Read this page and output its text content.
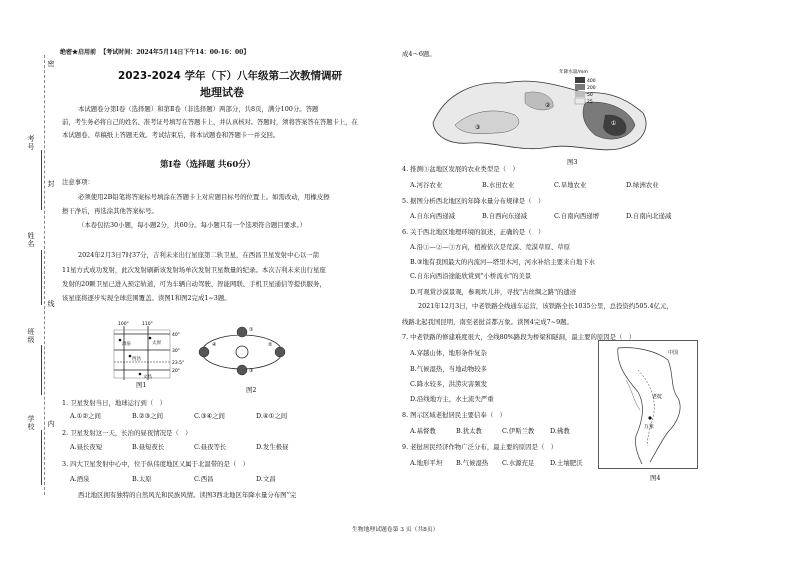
考号
姓名
班级
学校
密
封
线
内
绝密★启用前 【考试时间：2024年5月14日下午14：00-16：00】
2023-2024 学年（下）八年级第二次教情调研
地理试卷
本试题卷分第Ⅰ卷（选择题）和第Ⅱ卷（非选择题）两部分，共8页，满分100分。答题
前，考生务必将自己的姓名、准考证号填写在答题卡上，并认真核对。答题时，须将答案答在答题卡上，在
本试题卷、草稿纸上答题无效。考试结束后，将本试题卷和答题卡一并交回。
第Ⅰ卷（选择题 共60分）
注意事项：
必须使用2B铅笔将答案标号填涂在答题卡上对应题目标号的位置上。如需改动，用橡皮擦
擦干净后，再选涂其他答案标号。
（本卷包括30小题，每小题2分，共60分。每小题只有一个选项符合题目要求。）
2024年2月3日7时37分，吉利未来出行星座第二轨卫星，在西昌卫星发射中心以一箭
11星方式成功发射，此次发射刷新该发射场单次发射卫星数量的纪录。本次吉利未来出行星座
发射的20颗卫星已进入预定轨道，可为车辆自动驾驶、智能网联、手机卫星通信等提供服务，
该星座将逐步实现全球范围覆盖。读图1和图2完成1~3题。
100°	110°
40°
30°
23.5°
20°
酒泉	太原
西昌
文昌
图1
①
④	②
③
图2
1. 卫星发射当日，地球运行到（　）
A.①②之间	B.②③之间	C.③④之间	D.④①之间
2. 卫星发射这一天，长治的昼夜情况是（　）
A.昼长夜短	B.昼短夜长	C.昼夜等长	D.发生极昼
3. 四大卫星发射中心中，位于纵伟度地区又属于北温带的是（　）
A.酒泉	B.太原	C.西昌	D.文昌
西北地区拥有独特的自然风光和民族风情。读图3西北地区年降水量分布图”完
成4～6题。
③
②
①
年降水量/mm
400
200
50
25
图3
4. 推测③盆地区发展的农业类型是（　）
A.河谷农业	B.水田农业	C.旱地农业	D.绿洲农业
5. 据图分析西北地区的年降水量分布规律是（　）
A.自东向西递减	B.自西向东递减	C.自南向西递增	D.自南向北递减
6. 关于西北地区地理环境的叙述，正确的是（　）
A.沿①—②—③方向，植被依次是荒漠、荒漠草原、草原
B.③地有我国最大的内流河—塔里木河，河水补给主要来自地下水
C.自东向西沿途能欣赏到"小桥流水"的美景
D.可观赏沙漠景观，参观坎儿井，寻找"古丝绸之路"的遗迹
2021年12月3日，中老铁路全线通车运营，该铁路全长1035公里，总投资约505.4亿元，
线路北起我国昆明，南至老挝首都万象。读图4完成7~9题。
7. 中老铁路的修建难度很大，全线80%路段为桥梁和隧洞，最主要的原因是（　）
A.穿越山体，地形条件复杂
B.气候湿热，当地动物较多
C.降水较多，洪涝灾害频发
D.沿线地方主，水土流失严重
8. 图示区域老挝居民主要信奉（　）
A.基督教	B.犹太教	C.伊斯兰教 D.佛教
9. 老挝居民经济作物广泛分布，最主要的原因是（　）
A.地形平坦 B.气候湿热 C.水源充足 D.土壤肥沃
中国
老挝
万象
图4
生物地理试题卷第 3 页（共8页）
